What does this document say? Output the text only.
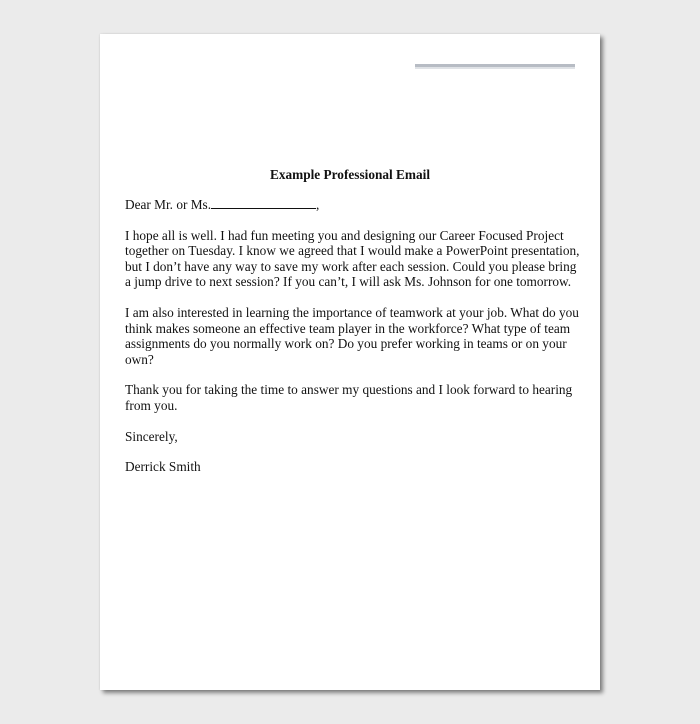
Example Professional Email

Dear Mr. or Ms.	,

I hope all is well. I had fun meeting you and designing our Career Focused Project together on Tuesday. I know we agreed that I would make a PowerPoint presentation, but I don’t have any way to save my work after each session. Could you please bring a jump drive to next session? If you can’t, I will ask Ms. Johnson for one tomorrow.

I am also interested in learning the importance of teamwork at your job. What do you think makes someone an effective team player in the workforce? What type of team assignments do you normally work on? Do you prefer working in teams or on your own?

Thank you for taking the time to answer my questions and I look forward to hearing from you.

Sincerely,

Derrick Smith
